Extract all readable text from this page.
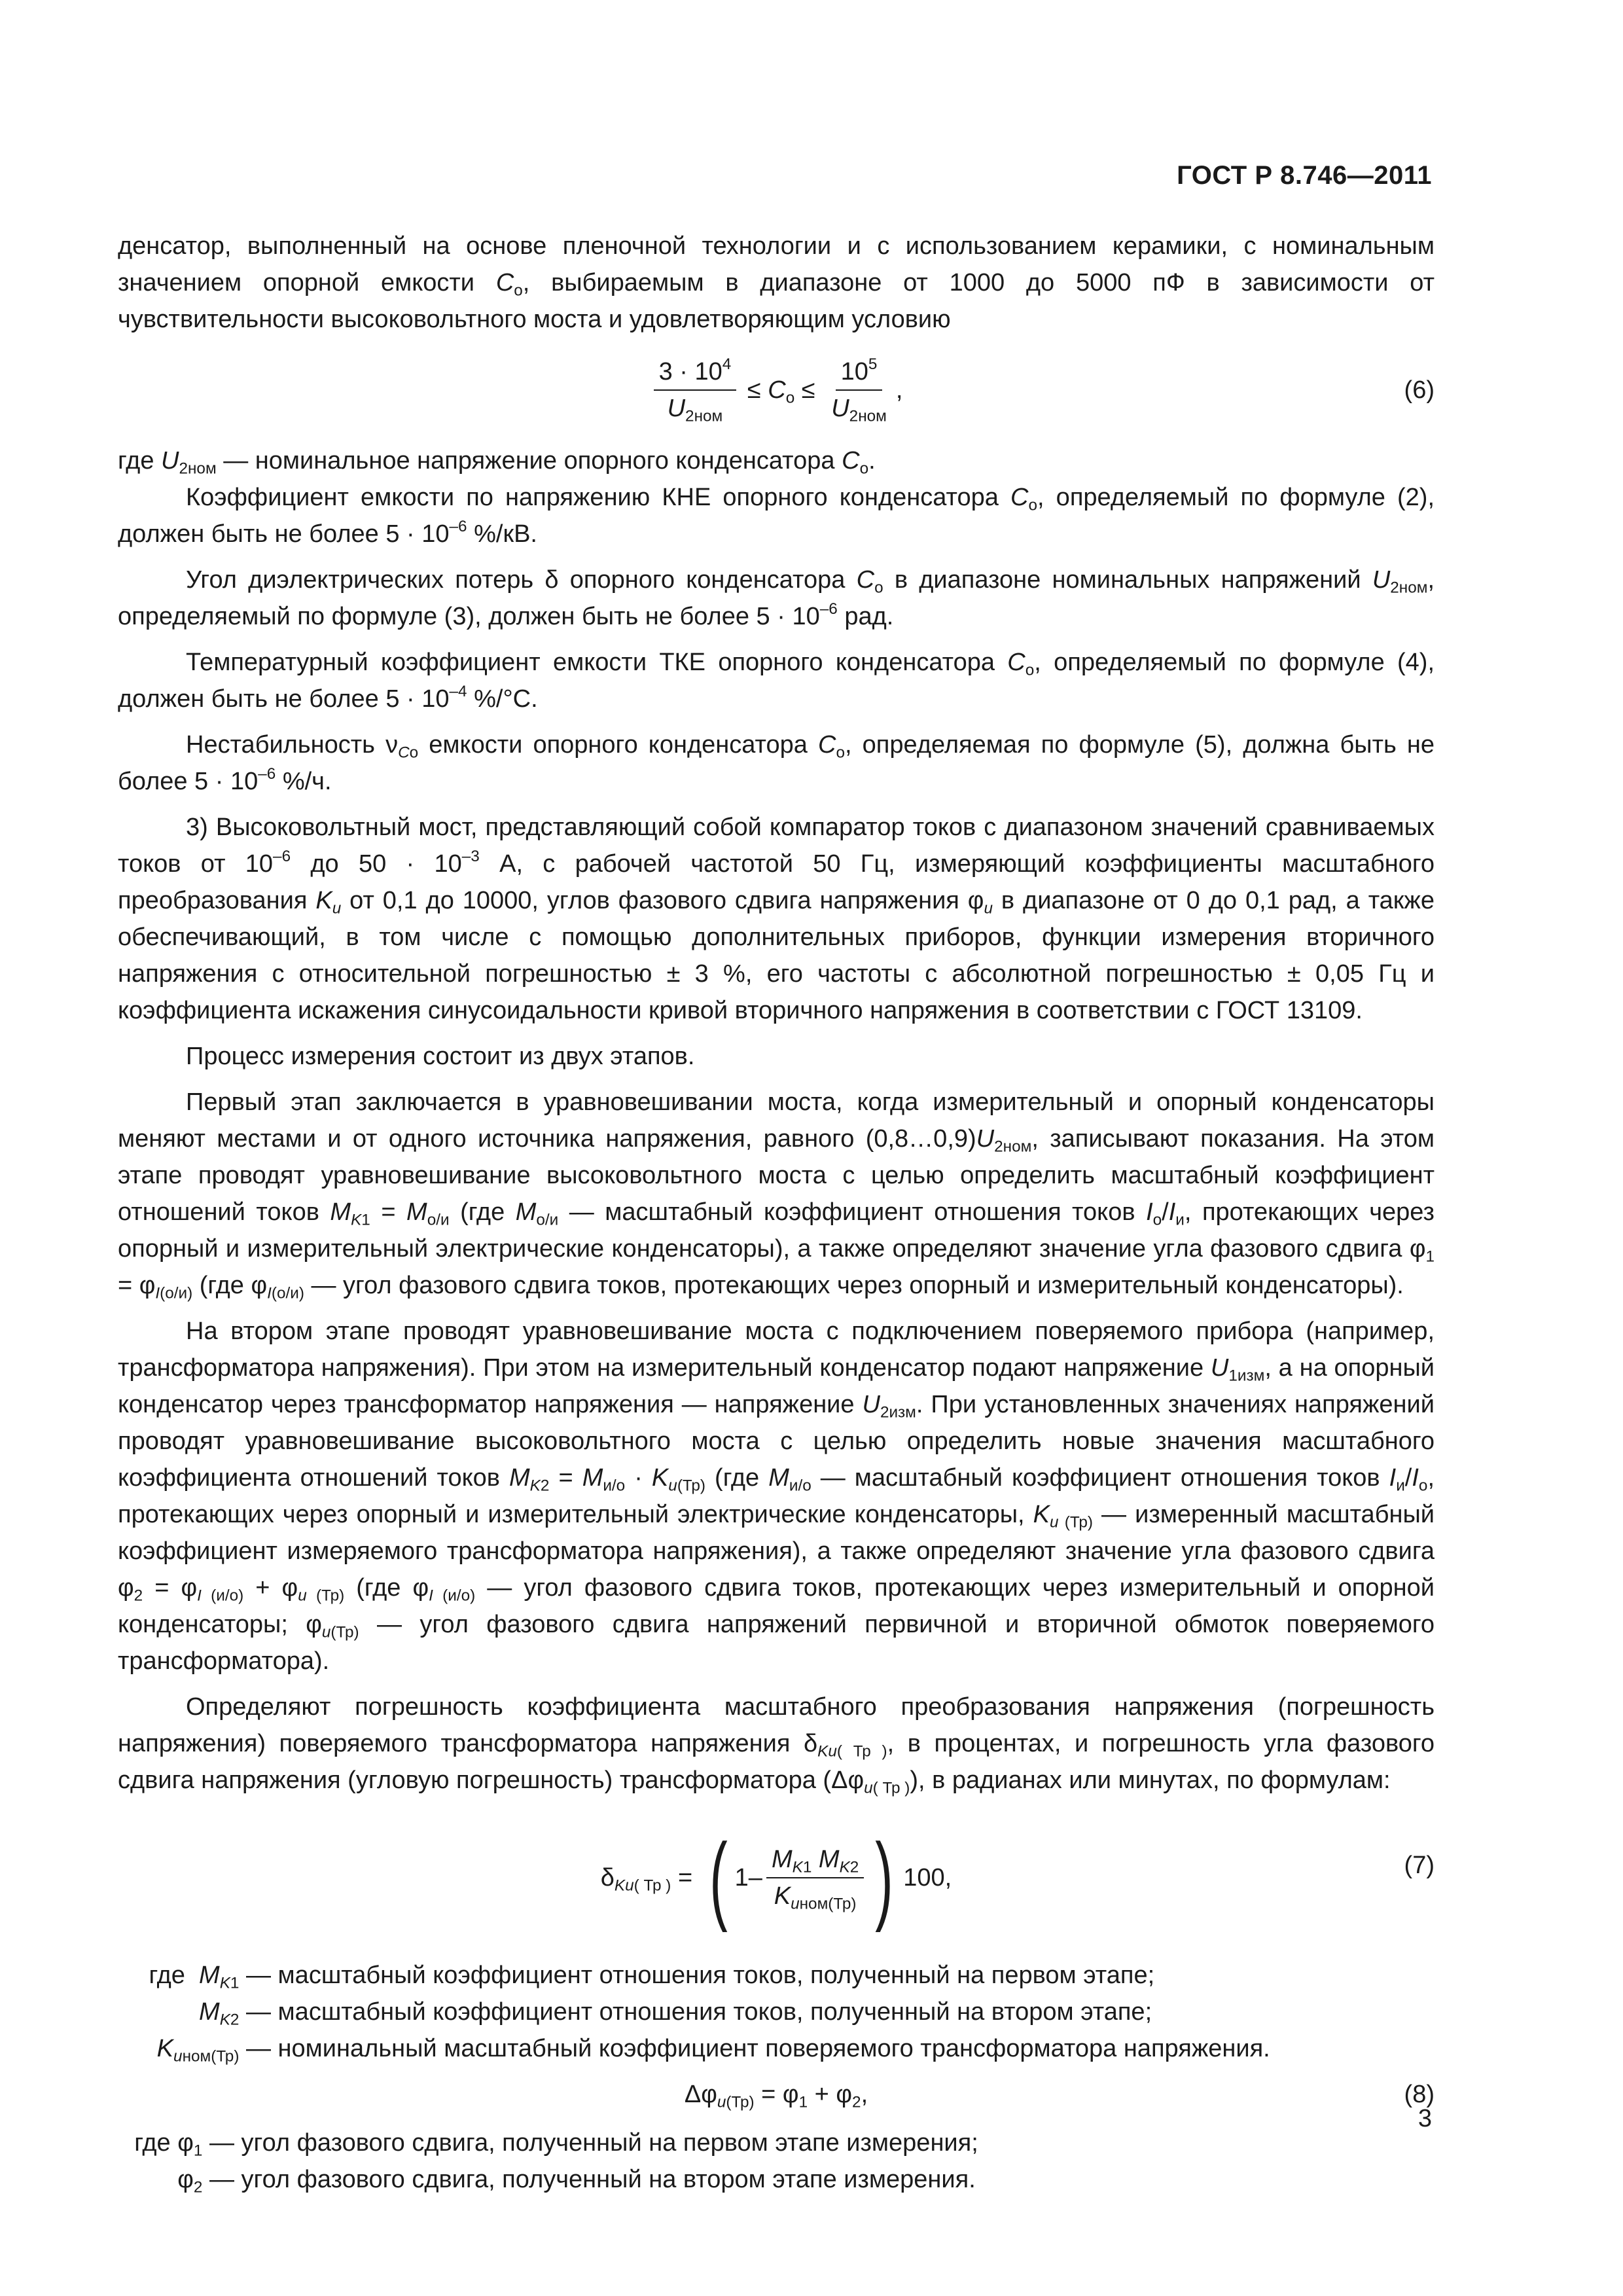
ГОСТ Р 8.746—2011

денсатор, выполненный на основе пленочной технологии и с использованием керамики, с номинальным значением опорной емкости $C_o$, выбираемым в диапазоне от 1000 до 5000 пФ в зависимости от чувствительности высоковольтного моста и удовлетворяющим условию

$\frac{3 \cdot 10^4}{U_{2ном}} \le C_o \le \frac{10^5}{U_{2ном}}$ ,	(6)

где $U_{2ном}$ — номинальное напряжение опорного конденсатора $C_o$.

Коэффициент емкости по напряжению КНЕ опорного конденсатора $C_o$, определяемый по формуле (2), должен быть не более $5 \cdot 10^{-6}$ %/кВ.

Угол диэлектрических потерь δ опорного конденсатора $C_o$ в диапазоне номинальных напряжений $U_{2ном}$, определяемый по формуле (3), должен быть не более $5 \cdot 10^{-6}$ рад.

Температурный коэффициент емкости ТКЕ опорного конденсатора $C_o$, определяемый по формуле (4), должен быть не более $5 \cdot 10^{-4}$ %/°С.

Нестабильность $\nu_{Co}$ емкости опорного конденсатора $C_o$, определяемая по формуле (5), должна быть не более $5 \cdot 10^{-6}$ %/ч.

3) Высоковольтный мост, представляющий собой компаратор токов с диапазоном значений сравниваемых токов от $10^{-6}$ до $50 \cdot 10^{-3}$ А, с рабочей частотой 50 Гц, измеряющий коэффициенты масштабного преобразования $K_u$ от 0,1 до 10000, углов фазового сдвига напряжения $\varphi_u$ в диапазоне от 0 до 0,1 рад, а также обеспечивающий, в том числе с помощью дополнительных приборов, функции измерения вторичного напряжения с относительной погрешностью ± 3 %, его частоты с абсолютной погрешностью ± 0,05 Гц и коэффициента искажения синусоидальности кривой вторичного напряжения в соответствии с ГОСТ 13109.

Процесс измерения состоит из двух этапов.

Первый этап заключается в уравновешивании моста, когда измерительный и опорный конденсаторы меняют местами и от одного источника напряжения, равного $(0,8\dots 0,9)U_{2ном}$, записывают показания. На этом этапе проводят уравновешивание высоковольтного моста с целью определить масштабный коэффициент отношений токов $M_{K1} = M_{о/и}$ (где $M_{о/и}$ — масштабный коэффициент отношения токов $I_о/I_и$, протекающих через опорный и измерительный электрические конденсаторы), а также определяют значение угла фазового сдвига $\varphi_1 = \varphi_{I(о/и)}$ (где $\varphi_{I(о/и)}$ — угол фазового сдвига токов, протекающих через опорный и измерительный конденсаторы).

На втором этапе проводят уравновешивание моста с подключением поверяемого прибора (например, трансформатора напряжения). При этом на измерительный конденсатор подают напряжение $U_{1изм}$, а на опорный конденсатор через трансформатор напряжения — напряжение $U_{2изм}$. При установленных значениях напряжений проводят уравновешивание высоковольтного моста с целью определить новые значения масштабного коэффициента отношений токов $M_{K2} = M_{и/о} \cdot K_{u(Тр)}$ (где $M_{и/о}$ — масштабный коэффициент отношения токов $I_и/I_о$, протекающих через опорный и измерительный электрические конденсаторы, $K_{u (Тр)}$ — измеренный масштабный коэффициент измеряемого трансформатора напряжения), а также определяют значение угла фазового сдвига $\varphi_2 = \varphi_{I (и/о)} + \varphi_{u (Тр)}$ (где $\varphi_{I (и/о)}$ — угол фазового сдвига токов, протекающих через измерительный и опорной конденсаторы; $\varphi_{u(Тр)}$ — угол фазового сдвига напряжений первичной и вторичной обмоток поверяемого трансформатора).

Определяют погрешность коэффициента масштабного преобразования напряжения (погрешность напряжения) поверяемого трансформатора напряжения $\delta_{Ku( Тр )}$, в процентах, и погрешность угла фазового сдвига напряжения (угловую погрешность) трансформатора $(\Delta\varphi_{u( Тр )})$, в радианах или минутах, по формулам:

$\delta_{Ku( Тр )}$ = ( $1- \frac{M_{K1} M_{K2}}{K_{uном(Тр)}}$ ) 100,	(7)
где $M_{K1}$ — масштабный коэффициент отношения токов, полученный на первом этапе;
$M_{K2}$ — масштабный коэффициент отношения токов, полученный на втором этапе;
$K_{uном(Тр)}$ — номинальный масштабный коэффициент поверяемого трансформатора напряжения.
$\Delta\varphi_{u(Тр)} = \varphi_1 + \varphi_2$,	(8)
где $\varphi_1$ — угол фазового сдвига, полученный на первом этапе измерения;
$\varphi_2$ — угол фазового сдвига, полученный на втором этапе измерения.
3
